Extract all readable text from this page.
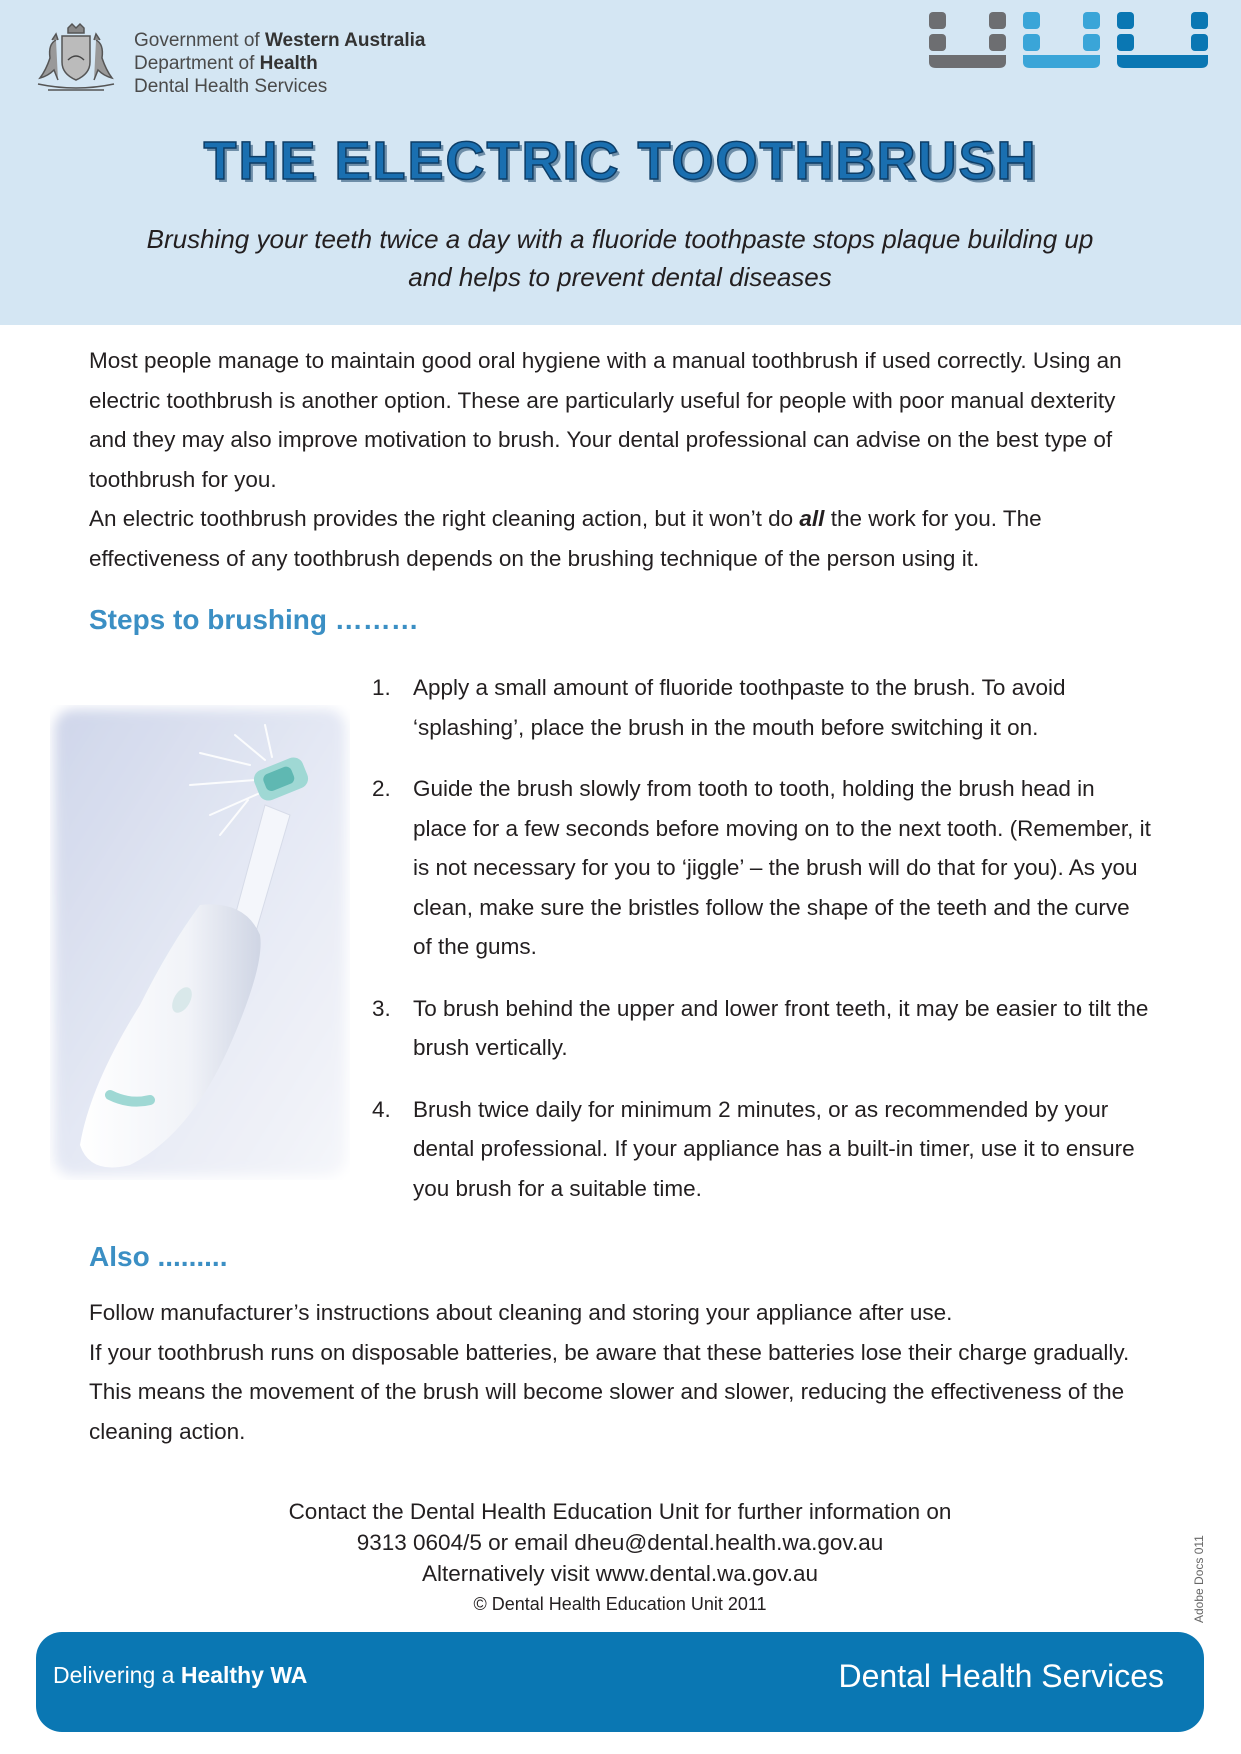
Government of Western Australia
Department of Health
Dental Health Services
THE ELECTRIC TOOTHBRUSH
Brushing your teeth twice a day with a fluoride toothpaste stops plaque building up and helps to prevent dental diseases

Most people manage to maintain good oral hygiene with a manual toothbrush if used correctly. Using an electric toothbrush is another option. These are particularly useful for people with poor manual dexterity and they may also improve motivation to brush. Your dental professional can advise on the best type of toothbrush for you.

An electric toothbrush provides the right cleaning action, but it won’t do all the work for you. The effectiveness of any toothbrush depends on the brushing technique of the person using it.

Steps to brushing ………
1. Apply a small amount of fluoride toothpaste to the brush. To avoid ‘splashing’, place the brush in the mouth before switching it on.
2. Guide the brush slowly from tooth to tooth, holding the brush head in place for a few seconds before moving on to the next tooth. (Remember, it is not necessary for you to ‘jiggle’ – the brush will do that for you). As you clean, make sure the bristles follow the shape of the teeth and the curve of the gums.
3. To brush behind the upper and lower front teeth, it may be easier to tilt the brush vertically.
4. Brush twice daily for minimum 2 minutes, or as recommended by your dental professional. If your appliance has a built-in timer, use it to ensure you brush for a suitable time.
Also .........

Follow manufacturer’s instructions about cleaning and storing your appliance after use.

If your toothbrush runs on disposable batteries, be aware that these batteries lose their charge gradually. This means the movement of the brush will become slower and slower, reducing the effectiveness of the cleaning action.

Contact the Dental Health Education Unit for further information on
9313 0604/5 or email dheu@dental.health.wa.gov.au
Alternatively visit www.dental.wa.gov.au
© Dental Health Education Unit 2011	Adobe Docs 011
Delivering a Healthy WA	Dental Health Services
